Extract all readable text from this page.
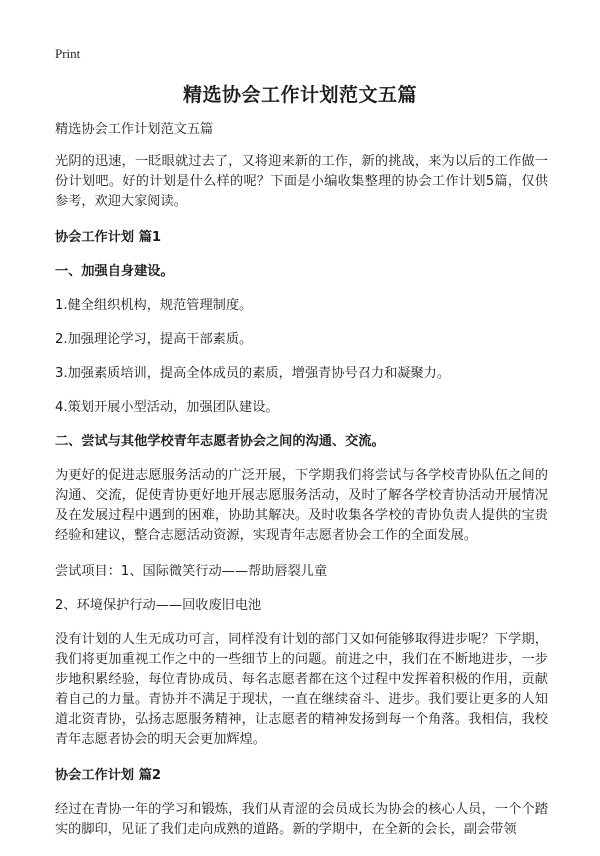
Print
精选协会工作计划范文五篇

精选协会工作计划范文五篇

光阴的迅速，一眨眼就过去了，又将迎来新的工作，新的挑战，来为以后的工作做一份计划吧。好的计划是什么样的呢？下面是小编收集整理的协会工作计划5篇，仅供参考，欢迎大家阅读。

协会工作计划 篇1

一、加强自身建设。

1.健全组织机构，规范管理制度。

2.加强理论学习，提高干部素质。

3.加强素质培训，提高全体成员的素质，增强青协号召力和凝聚力。

4.策划开展小型活动，加强团队建设。

二、尝试与其他学校青年志愿者协会之间的沟通、交流。

为更好的促进志愿服务活动的广泛开展，下学期我们将尝试与各学校青协队伍之间的沟通、交流，促使青协更好地开展志愿服务活动，及时了解各学校青协活动开展情况及在发展过程中遇到的困难，协助其解决。及时收集各学校的青协负责人提供的宝贵经验和建议，整合志愿活动资源，实现青年志愿者协会工作的全面发展。

尝试项目：1、国际微笑行动——帮助唇裂儿童

2、环境保护行动——回收废旧电池

没有计划的人生无成功可言，同样没有计划的部门又如何能够取得进步呢？下学期，我们将更加重视工作之中的一些细节上的问题。前进之中，我们在不断地进步，一步步地积累经验，每位青协成员、每名志愿者都在这个过程中发挥着积极的作用，贡献着自己的力量。青协并不满足于现状，一直在继续奋斗、进步。我们要让更多的人知道北资青协，弘扬志愿服务精神，让志愿者的精神发扬到每一个角落。我相信，我校青年志愿者协会的明天会更加辉煌。

协会工作计划 篇2

经过在青协一年的学习和锻炼，我们从青涩的会员成长为协会的核心人员，一个个踏实的脚印，见证了我们走向成熟的道路。新的学期中，在全新的会长，副会带领
